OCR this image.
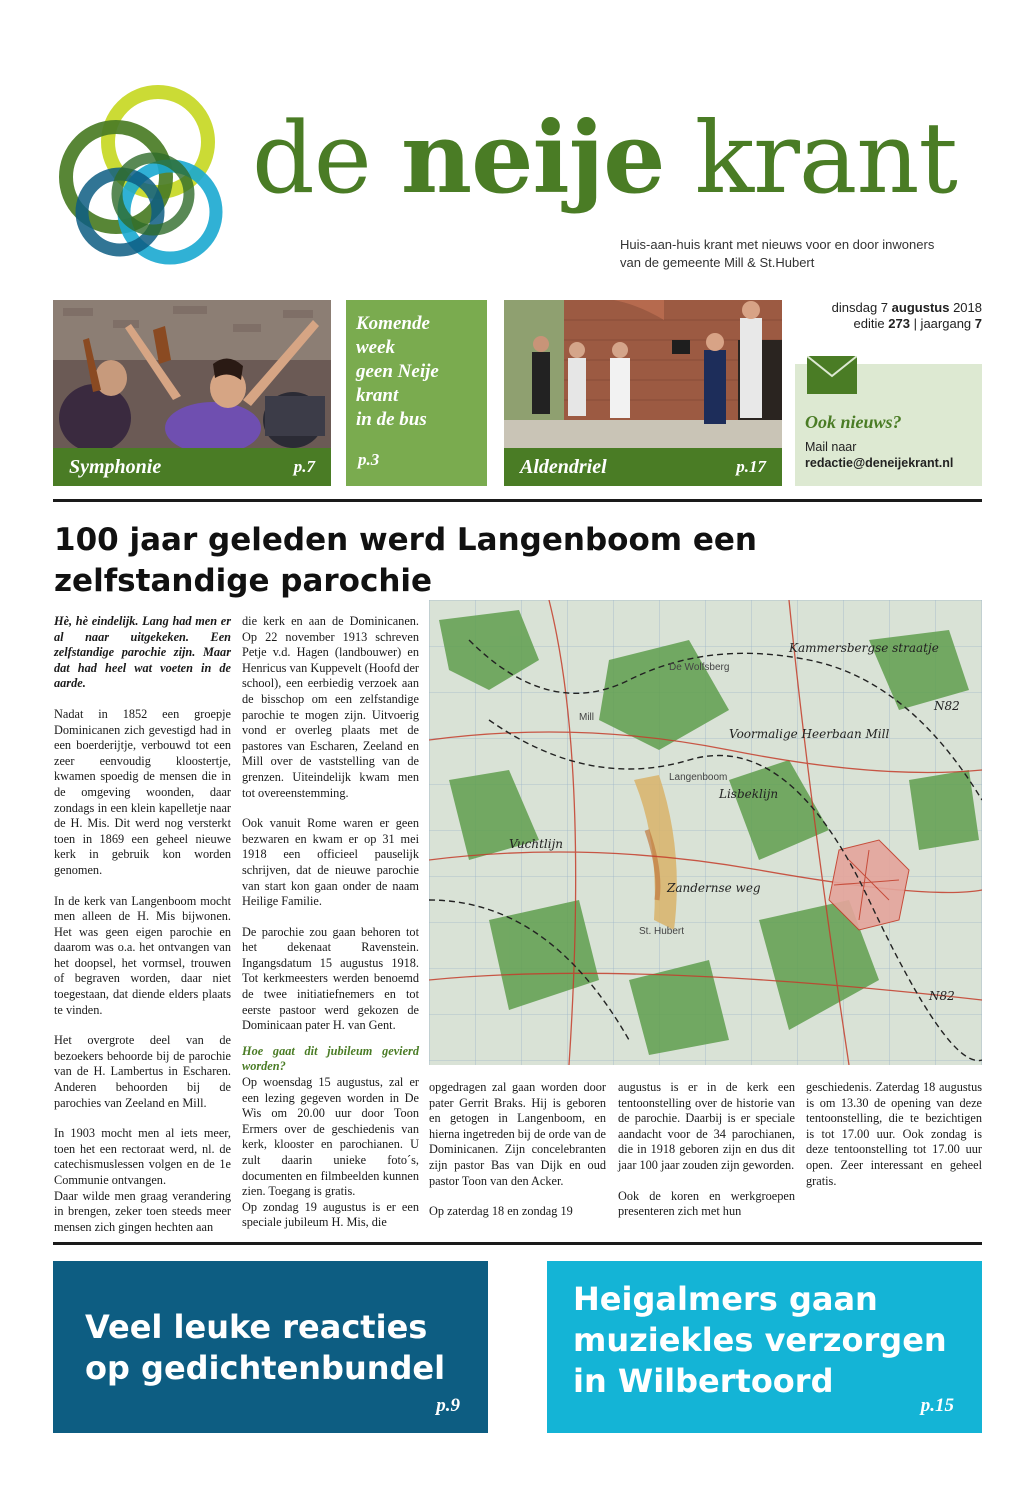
de neije krant
Huis-aan-huis krant met nieuws voor en door inwoners
van de gemeente Mill & St.Hubert
Symphonie	p.7
Komende
week
geen Neije
krant
in de bus
p.3	Aldendriel	p.17
dinsdag 7 augustus 2018
editie 273 | jaargang 7
Ook nieuws?
Mail naar
redactie@deneijekrant.nl
100 jaar geleden werd Langenboom een zelfstandige parochie

Hè, hè eindelijk. Lang had men er al naar uitgekeken. Een zelfstandige parochie zijn. Maar dat had heel wat voeten in de aarde.

Nadat in 1852 een groepje Dominicanen zich gevestigd had in een boerderijtje, verbouwd tot een zeer eenvoudig kloostertje, kwamen spoedig de mensen die in de omgeving woonden, daar zondags in een klein kapelletje naar de H. Mis. Dit werd nog versterkt toen in 1869 een geheel nieuwe kerk in gebruik kon worden genomen.

In de kerk van Langenboom mocht men alleen de H. Mis bijwonen. Het was geen eigen parochie en daarom was o.a. het ontvangen van het doopsel, het vormsel, trouwen of begraven worden, daar niet toegestaan, dat diende elders plaats te vinden.

Het overgrote deel van de bezoekers behoorde bij de parochie van de H. Lambertus in Escharen. Anderen behoorden bij de parochies van Zeeland en Mill.

In 1903 mocht men al iets meer, toen het een rectoraat werd, nl. de catechismuslessen volgen en de 1e Communie ontvangen.

Daar wilde men graag verandering in brengen, zeker toen steeds meer mensen zich gingen hechten aan

die kerk en aan de Dominicanen. Op 22 november 1913 schreven Petje v.d. Hagen (landbouwer) en Henricus van Kuppevelt (Hoofd der school), een eerbiedig verzoek aan de bisschop om een zelfstandige parochie te mogen zijn. Uitvoerig vond er overleg plaats met de pastores van Escharen, Zeeland en Mill over de vaststelling van de grenzen. Uiteindelijk kwam men tot overeenstemming.

Ook vanuit Rome waren er geen bezwaren en kwam er op 31 mei 1918 een officieel pauselijk schrijven, dat de nieuwe parochie van start kon gaan onder de naam Heilige Familie.

De parochie zou gaan behoren tot het dekenaat Ravenstein. Ingangsdatum 15 augustus 1918. Tot kerkmeesters werden benoemd de twee initiatiefnemers en tot eerste pastoor werd gekozen de Dominicaan pater H. van Gent.

Hoe gaat dit jubileum gevierd worden?

Op woensdag 15 augustus, zal er een lezing gegeven worden in De Wis om 20.00 uur door Toon Ermers over de geschiedenis van kerk, klooster en parochianen. U zult daarin unieke foto´s, documenten en filmbeelden kunnen zien. Toegang is gratis.

Op zondag 19 augustus is er een speciale jubileum H. Mis, die

Kammersbergse straatje
Voormalige Heerbaan Mill
N82
Lisbeklijn
Vuchtlijn
Zandernse weg
N82
Mill
St. Hubert
Langenboom
De Wolfsberg

opgedragen zal gaan worden door pater Gerrit Braks. Hij is geboren en getogen in Langenboom, en hierna ingetreden bij de orde van de Dominicanen. Zijn concelebranten zijn pastor Bas van Dijk en oud pastor Toon van den Acker.

Op zaterdag 18 en zondag 19

augustus is er in de kerk een tentoonstelling over de historie van de parochie. Daarbij is er speciale aandacht voor de 34 parochianen, die in 1918 geboren zijn en dus dit jaar 100 jaar zouden zijn geworden.

Ook de koren en werkgroepen presenteren zich met hun

geschiedenis. Zaterdag 18 augustus is om 13.30 de opening van deze tentoonstelling, die te bezichtigen is tot 17.00 uur. Ook zondag is deze tentoonstelling tot 17.00 uur open. Zeer interessant en geheel gratis.

Veel leuke reacties op gedichtenbundel
p.9
Heigalmers gaan muziekles verzorgen in Wilbertoord
p.15
